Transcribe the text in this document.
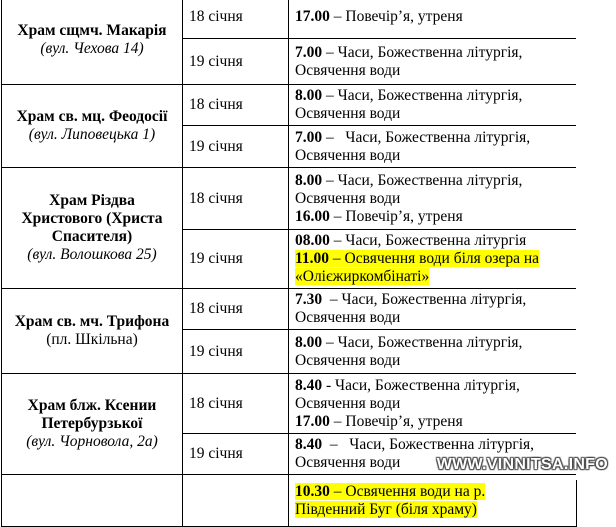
Храм сщмч. Макарія
(вул. Чехова 14)	18 січня	17.00 – Повечір’я, утреня

	19 січня	7.00 – Часи, Божественна літургія,
Освячення води

Храм св. мц. Феодосії
(вул. Липовецька 1)	18 січня	8.00 – Часи, Божественна літургія,
Освячення води

	19 січня	7.00 –   Часи, Божественна літургія,
Освячення води

Храм Різдва Христового (Христа Спасителя)
(вул. Волошкова 25)	18 січня	8.00 – Часи, Божественна літургія,
Освячення води
16.00 – Повечір’я, утреня

	19 січня	08.00 – Часи, Божественна літургія
11.00 – Освячення води біля озера на
«Олієжиркомбінаті»

Храм св. мч. Трифона
(пл. Шкільна)	18 січня	7.30  – Часи, Божественна літургія,
Освячення води

	19 січня	8.00 – Часи, Божественна літургія,
Освячення води

Храм блж. Ксении Петербурзької
(вул. Чорновола, 2а)	18 січня	8.40 - Часи, Божественна літургія,
Освячення води
17.00 – Повечір’я, утреня

	19 січня	8.40  –   Часи, Божественна літургія,
Освячення води

		10.30 – Освячення води на р.
Південний Буг (біля храму)
WWW.VINNITSA.INFO
